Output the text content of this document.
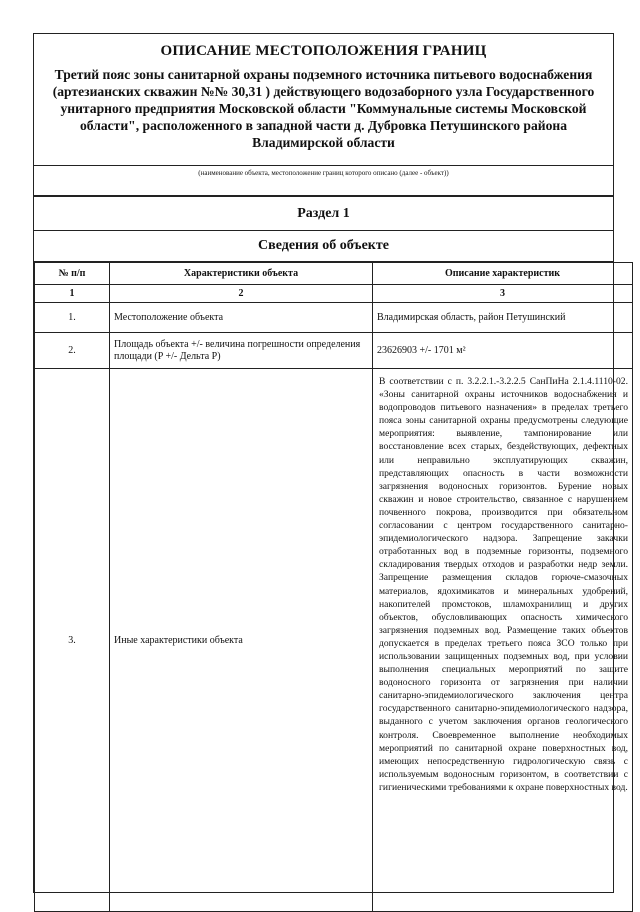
ОПИСАНИЕ МЕСТОПОЛОЖЕНИЯ ГРАНИЦ
Третий пояс зоны санитарной охраны подземного источника питьевого водоснабжения (артезианских скважин №№ 30,31 ) действующего водозаборного узла Государственного унитарного предприятия Московской области "Коммунальные системы Московской области", расположенного в западной части д. Дубровка Петушинского района Владимирской области
(наименование объекта, местоположение границ которого описано (далее - объект))
Раздел 1
Сведения об объекте
№ п/п	Характеристики объекта	Описание характеристик
1	2	3
1.	Местоположение объекта	Владимирская область, район Петушинский
2.	Площадь объекта +/- величина погрешности определения площади (P +/- Дельта P)	23626903 +/- 1701 м²
3.	Иные характеристики объекта	В соответствии с п. 3.2.2.1.-3.2.2.5 СанПиНа 2.1.4.1110-02. «Зоны санитарной охраны источников водоснабжения и водопроводов питьевого назначения» в пределах третьего пояса зоны санитарной охраны предусмотрены следующие мероприятия: выявление, тампонирование или восстановление всех старых, бездействующих, дефектных или неправильно эксплуатирующих скважин, представляющих опасность в части возможности загрязнения водоносных горизонтов. Бурение новых скважин и новое строительство, связанное с нарушением почвенного покрова, производится при обязательном согласовании с центром государственного санитарно-эпидемиологического надзора. Запрещение закачки отработанных вод в подземные горизонты, подземного складирования твердых отходов и разработки недр земли. Запрещение размещения складов горюче-смазочных материалов, ядохимикатов и минеральных удобрений, накопителей промстоков, шламохранилищ и других объектов, обусловливающих опасность химического загрязнения подземных вод. Размещение таких объектов допускается в пределах третьего пояса ЗСО только при использовании защищенных подземных вод, при условии выполнения специальных мероприятий по защите водоносного горизонта от загрязнения при наличии санитарно-эпидемиологического заключения центра государственного санитарно-эпидемиологического надзора, выданного с учетом заключения органов геологического контроля. Своевременное выполнение необходимых мероприятий по санитарной охране поверхностных вод, имеющих непосредственную гидрологическую связь с используемым водоносным горизонтом, в соответствии с гигиеническими требованиями к охране поверхностных вод.
